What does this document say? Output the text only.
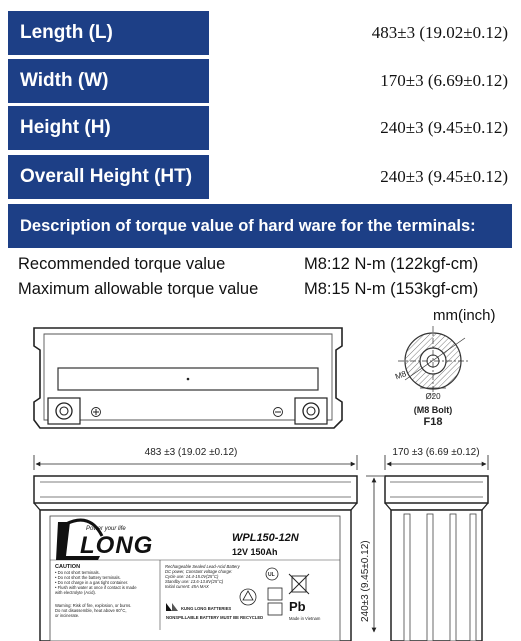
Length (L)	483±3 (19.02±0.12)
Width (W)	170±3 (6.69±0.12)
Height (H)	240±3 (9.45±0.12)
Overall Height (HT)	240±3 (9.45±0.12)
Description of torque value of hard ware for the terminals:
Recommended torque value	M8:12 N-m (122kgf-cm)
Maximum allowable torque value	M8:15 N-m (153kgf-cm)
mm(inch)
M8
Ø20
(M8 Bolt)
F18
483 ±3 (19.02 ±0.12)	170 ±3 (6.69 ±0.12)
LONG
Power your life
WPL150-12N
12V 150Ah
CAUTION
• Do not short terminals.
• Do not short the battery terminals.
• Do not charge in a gas tight container.
• Flush with water at once if contact is made
with electrolyte (Acid).
Warning: Risk of fire, explosion, or burns.
Do not disassemble, heat above 60°C,
or incinerate.
Rechargeable Sealed Lead-Acid Battery
DC power, Constant voltage charge:
Cycle use: 14.4-15.0V(25°C)
Standby use: 13.6-13.8V(25°C)
Initial current: 45A MAX
KUNG LONG BATTERIES
NONSPILLABLE BATTERY MUST BE RECYCLED
UL
Pb
Made in Vietnam	240±3 (9.45±0.12)
